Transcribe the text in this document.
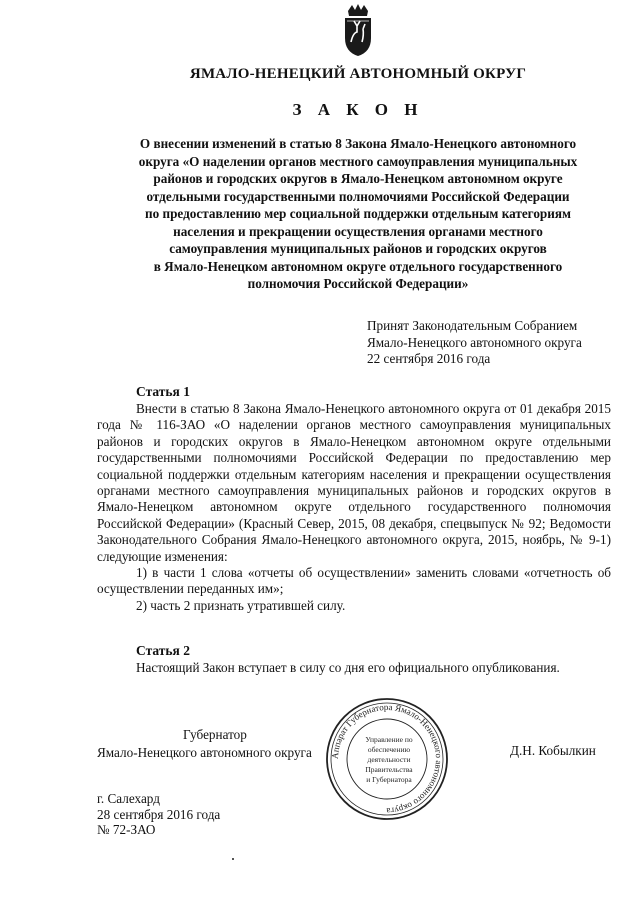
ЯМАЛО-НЕНЕЦКИЙ АВТОНОМНЫЙ ОКРУГ
З А К О Н
О внесении изменений в статью 8 Закона Ямало-Ненецкого автономного
округа «О наделении органов местного самоуправления муниципальных
районов и городских округов в Ямало-Ненецком автономном округе
отдельными государственными полномочиями Российской Федерации
по предоставлению мер социальной поддержки отдельным категориям
населения и прекращении осуществления органами местного
самоуправления муниципальных районов и городских округов
в Ямало-Ненецком автономном округе отдельного государственного
полномочия Российской Федерации»
Принят Законодательным Собранием
Ямало-Ненецкого автономного округа
22 сентября 2016 года
Статья 1

Внести в статью 8 Закона Ямало-Ненецкого автономного округа от 01 декабря 2015 года № 116-ЗАО «О наделении органов местного самоуправления муниципальных районов и городских округов в Ямало-Ненецком автономном округе отдельными государственными полномочиями Российской Федерации по предоставлению мер социальной поддержки отдельным категориям населения и прекращении осуществления органами местного самоуправления муниципальных районов и городских округов в Ямало-Ненецком автономном округе отдельного государственного полномочия Российской Федерации» (Красный Север, 2015, 08 декабря, спецвыпуск № 92; Ведомости Законодательного Собрания Ямало-Ненецкого автономного округа, 2015, ноябрь, № 9-1) следующие изменения:

1) в части 1 слова «отчеты об осуществлении» заменить словами «отчетность об осуществлении переданных им»;

2) часть 2 признать утратившей силу.

Статья 2

Настоящий Закон вступает в силу со дня его официального опубликования.

Губернатор
Ямало-Ненецкого автономного округа	Аппарат Губернатора Ямало-Ненецкого автономного округа
Управление по
обеспечению
деятельности
Правительства
и Губернатора
Д.Н. Кобылкин
г. Салехард
28 сентября 2016 года
№ 72-ЗАО
